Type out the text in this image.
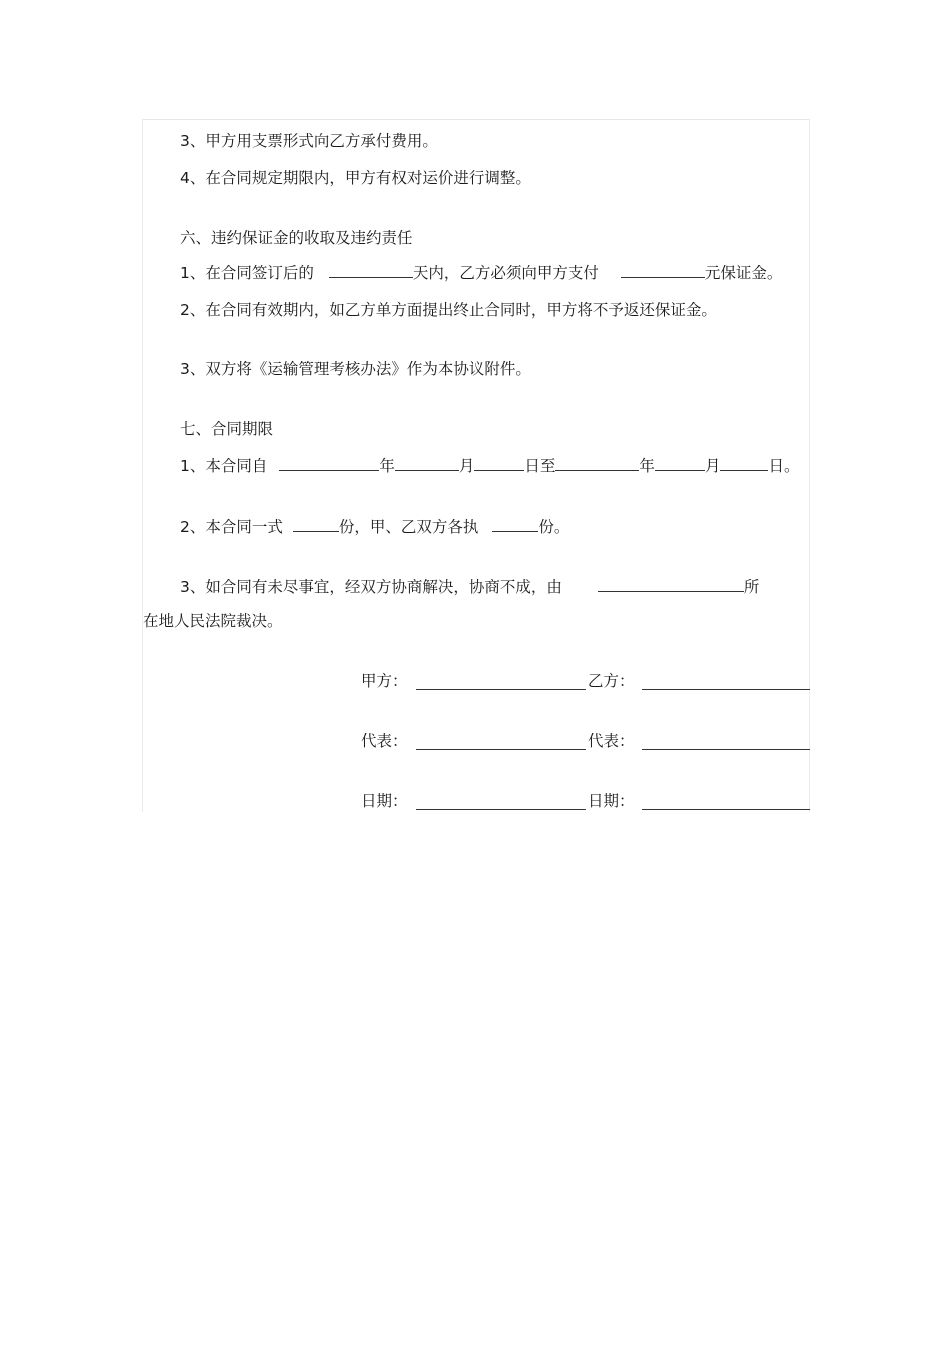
3、甲方用支票形式向乙方承付费用。
4、在合同规定期限内，甲方有权对运价进行调整。
六、违约保证金的收取及违约责任
1、在合同签订后的	天内，乙方必须向甲方支付	元保证金。
2、在合同有效期内，如乙方单方面提出终止合同时，甲方将不予返还保证金。
3、双方将《运输管理考核办法》作为本协议附件。
七、合同期限
1、本合同自	年	月	日至	年	月	日。
2、本合同一式	份，甲、乙双方各执	份。
3、如合同有未尽事宜，经双方协商解决，协商不成，由	所
在地人民法院裁决。
甲方：	乙方：
代表：	代表：
日期：	日期：
